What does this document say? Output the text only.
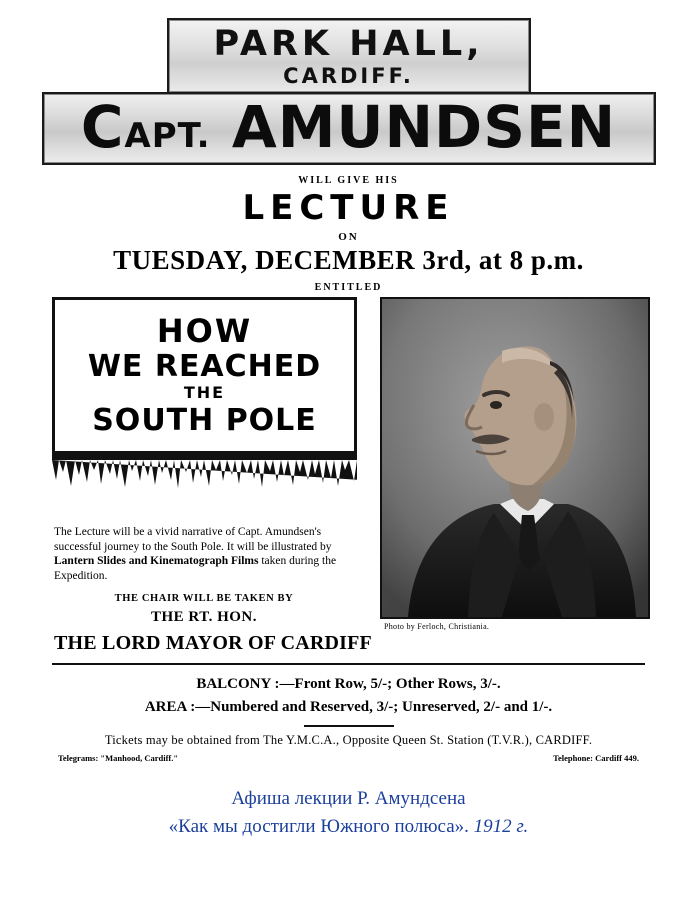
PARK HALL,
CARDIFF.
CAPT. AMUNDSEN
WILL GIVE HIS
LECTURE
ON
TUESDAY, DECEMBER 3rd, at 8 p.m.
ENTITLED
HOW
WE REACHED
THE
SOUTH POLE
The Lecture will be a vivid narrative of Capt. Amundsen's successful journey to the South Pole. It will be illustrated by Lantern Slides and Kinematograph Films taken during the Expedition.
THE CHAIR WILL BE TAKEN BY
THE RT. HON.
THE LORD MAYOR OF CARDIFF
Photo by Ferloch, Christiania.
BALCONY :—Front Row, 5/-; Other Rows, 3/-.
AREA :—Numbered and Reserved, 3/-; Unreserved, 2/- and 1/-.
Tickets may be obtained from The Y.M.C.A., Opposite Queen St. Station (T.V.R.), CARDIFF.
Telegrams: "Manhood, Cardiff."	Telephone: Cardiff 449.
Афиша лекции Р. Амундсена
«Как мы достигли Южного полюса». 1912 г.
